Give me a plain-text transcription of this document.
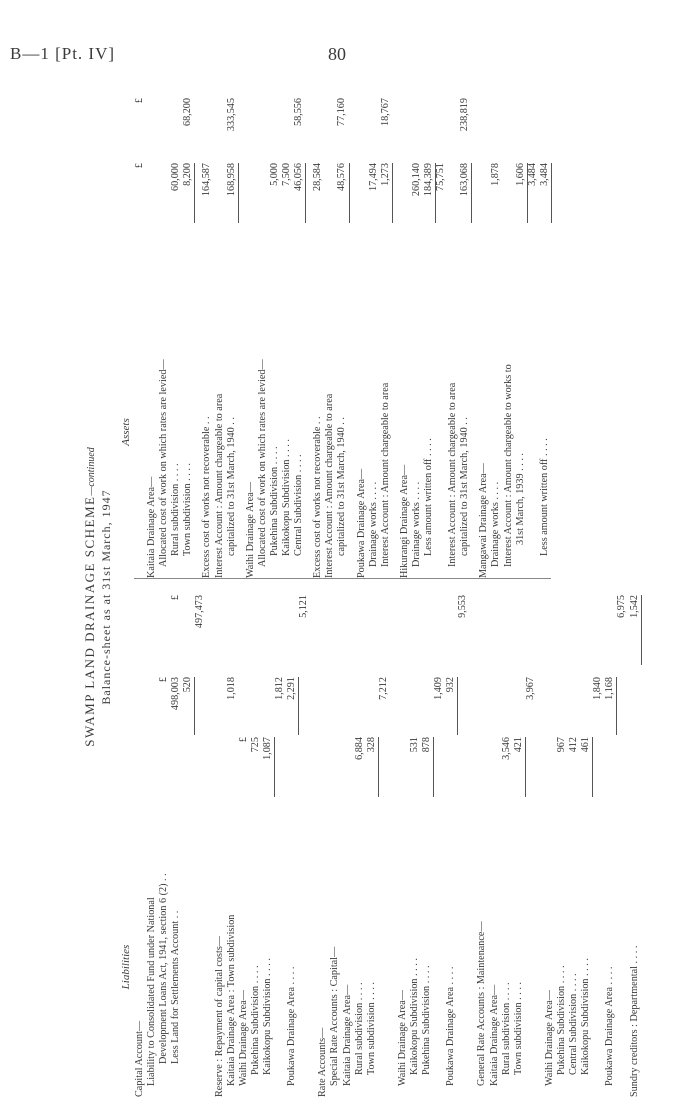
B—1 [Pt. IV]	80
SWAMP LAND DRAINAGE SCHEME—continued
Balance-sheet as at 31st March, 1947
Liabilities
Assets
Capital Account— Liability to Consolidated Fund under National Development Loans Act, 1941, section 6 (2) . .
£
Less Land for Settlements Account . .
498,003
£
520
497,473
Reserve : Repayment of capital costs— Kaitaia Drainage Area : Town subdivision
1,018
Waihi Drainage Area—
£
Pukehina Subdivision . . . .
725
Kaikokopu Subdivision . . . .
1,087
1,812
Poukawa Drainage Area . . . .
2,291
5,121
Rate Accounts— Special Rate Accounts : Capital— Kaitaia Drainage Area— Rural subdivision . . . .
6,884
Town subdivision . . . .
328
7,212
Waihi Drainage Area— Kaikokopu Subdivision . . . .
531
Pukehina Subdivision . . . .
878
1,409
Poukawa Drainage Area . . . .
932
9,553
General Rate Accounts : Maintenance— Kaitaia Drainage Area— Rural subdivision . . . .
3,546
Town subdivision . . . .
421
3,967
Waihi Drainage Area— Pukehina Subdivision . . . .
967
Central Subdivision . . . .
412
Kaikokopu Subdivision . . . .
461
1,840
Poukawa Drainage Area . . . .
1,168
6,975
Sundry creditors : Departmental . . . .
1,542
£
£
Kaitaia Drainage Area— Allocated cost of work on which rates are levied— Rural subdivision . . . .
60,000
Town subdivision . . . .
8,200
68,200
Excess cost of works not recoverable . .
164,587
Interest Account : Amount chargeable to area capitalized to 31st March, 1940 . .
168,958
333,545
Waihi Drainage Area— Allocated cost of work on which rates are levied— Pukehina Subdivision . . . .
5,000
Kaikokopu Subdivision . . . .
7,500
Central Subdivision . . . .
46,056
58,556
Excess cost of works not recoverable . .
28,584
Interest Account : Amount chargeable to area capitalized to 31st March, 1940 . .
48,576
77,160
Poukawa Drainage Area— Drainage works . . . .
17,494
Interest Account : Amount chargeable to area
1,273
18,767
Hikurangi Drainage Area— Drainage works . . . .
260,140
Less amount written off . . . .
184,389 75,751
Interest Account : Amount chargeable to area capitalized to 31st March, 1940 . .
163,068
238,819
Mangawai Drainage Area— Drainage works . . . .
1,878
Interest Account : Amount chargeable to works to 31st March, 1939 . . . .
1,606 3,484
Less amount written off . . . .
3,484
